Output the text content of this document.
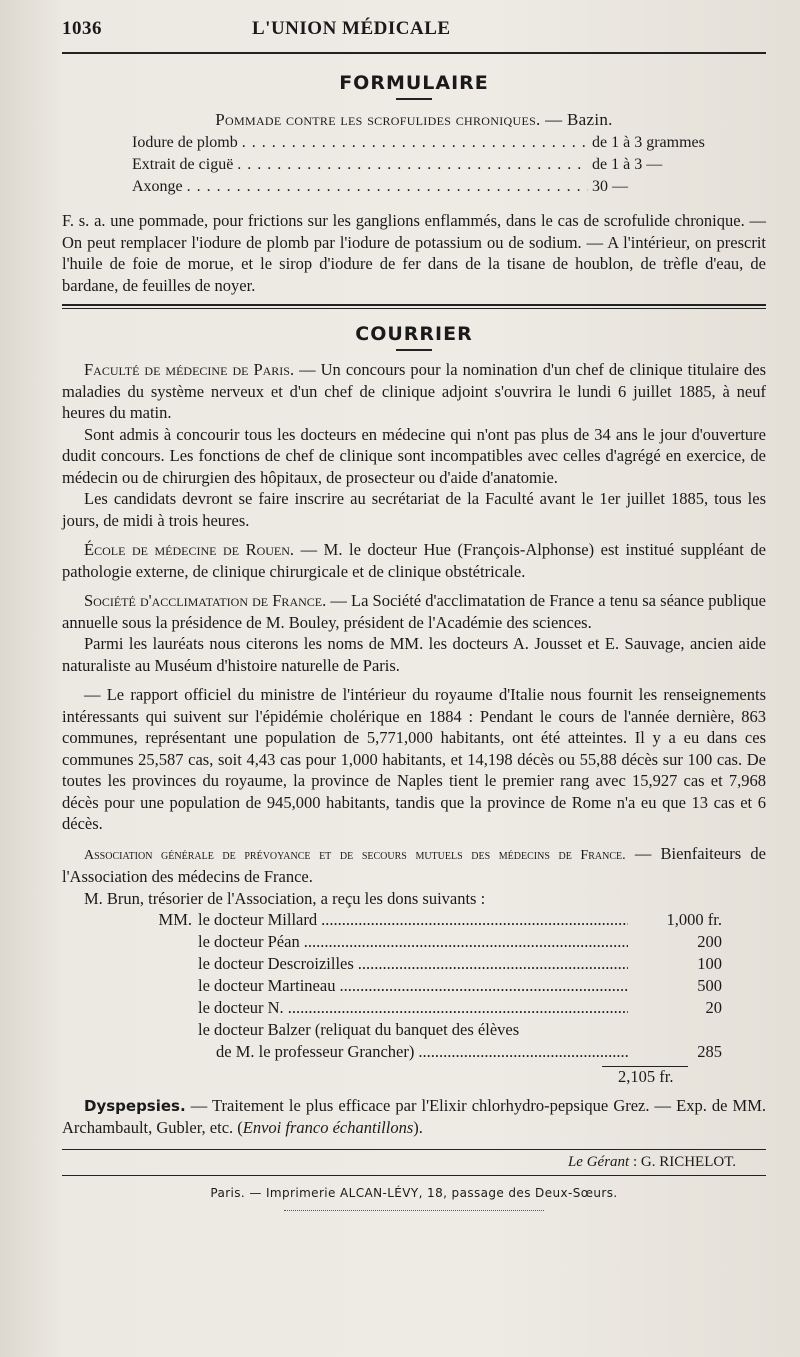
1036	L'UNION MÉDICALE
FORMULAIRE
Pommade contre les scrofulides chroniques. — Bazin.
Iodure de plomb . . .	de 1 à 3 grammes
Extrait de ciguë . . .	de 1 à 3 —
Axonge . . .	30 —

F. s. a. une pommade, pour frictions sur les ganglions enflammés, dans le cas de scrofulide chronique. — On peut remplacer l'iodure de plomb par l'iodure de potassium ou de sodium. — A l'intérieur, on prescrit l'huile de foie de morue, et le sirop d'iodure de fer dans de la tisane de houblon, de trèfle d'eau, de bardane, de feuilles de noyer.

COURRIER

Faculté de médecine de Paris. — Un concours pour la nomination d'un chef de clinique titulaire des maladies du système nerveux et d'un chef de clinique adjoint s'ouvrira le lundi 6 juillet 1885, à neuf heures du matin.

Sont admis à concourir tous les docteurs en médecine qui n'ont pas plus de 34 ans le jour d'ouverture dudit concours. Les fonctions de chef de clinique sont incompatibles avec celles d'agrégé en exercice, de médecin ou de chirurgien des hôpitaux, de prosecteur ou d'aide d'anatomie.

Les candidats devront se faire inscrire au secrétariat de la Faculté avant le 1er juillet 1885, tous les jours, de midi à trois heures.

École de médecine de Rouen. — M. le docteur Hue (François-Alphonse) est institué suppléant de pathologie externe, de clinique chirurgicale et de clinique obstétricale.

Société d'acclimatation de France. — La Société d'acclimatation de France a tenu sa séance publique annuelle sous la présidence de M. Bouley, président de l'Académie des sciences.

Parmi les lauréats nous citerons les noms de MM. les docteurs A. Jousset et E. Sauvage, ancien aide naturaliste au Muséum d'histoire naturelle de Paris.

— Le rapport officiel du ministre de l'intérieur du royaume d'Italie nous fournit les renseignements intéressants qui suivent sur l'épidémie cholérique en 1884 : Pendant le cours de l'année dernière, 863 communes, représentant une population de 5,771,000 habitants, ont été atteintes. Il y a eu dans ces communes 25,587 cas, soit 4,43 cas pour 1,000 habitants, et 14,198 décès ou 55,88 décès sur 100 cas. De toutes les provinces du royaume, la province de Naples tient le premier rang avec 15,927 cas et 7,968 décès pour une population de 945,000 habitants, tandis que la province de Rome n'a eu que 13 cas et 6 décès.

Association générale de prévoyance et de secours mutuels des médecins de France. — Bienfaiteurs de l'Association des médecins de France.

M. Brun, trésorier de l'Association, a reçu les dons suivants :
MM. le docteur Millard .....	1,000 fr.
le docteur Péan .....	200
le docteur Descroizilles .....	100
le docteur Martineau .....	500
le docteur N. .....	20
le docteur Balzer (reliquat du banquet des élèves
de M. le professeur Grancher) .....	285
2,105 fr.

Dyspepsies. — Traitement le plus efficace par l'Elixir chlorhydro-pepsique Grez. — Exp. de MM. Archambault, Gubler, etc. (Envoi franco échantillons).

Le Gérant : G. RICHELOT.
Paris. — Imprimerie ALCAN-LÉVY, 18, passage des Deux-Sœurs.
